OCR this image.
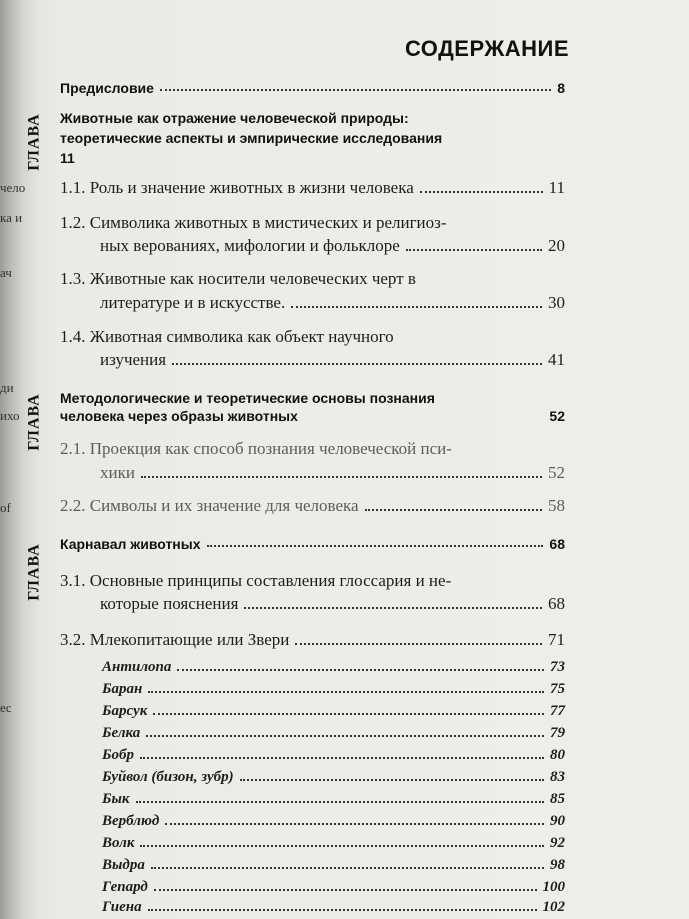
чело
ка и
ач
ди
ихо
of
ec
ГЛАВА
ГЛАВА
ГЛАВА
СОДЕРЖАНИЕ
Предисловие	8
Животные как отражение человеческой природы:
теоретические аспекты и эмпирические исследования
11
1.1. Роль и значение животных в жизни человека	11
1.2. Символика животных в мистических и религиоз-
ных верованиях, мифологии и фольклоре	20
1.3. Животные как носители человеческих черт в
литературе и в искусстве.	30
1.4. Животная символика как объект научного
изучения	41
Методологические и теоретические основы познания
человека через образы животных	52
2.1. Проекция как способ познания человеческой пси-
хики	52
2.2. Символы и их значение для человека	58
Карнавал животных	68
3.1. Основные принципы составления глоссария и не-
которые пояснения	68
3.2. Млекопитающие или Звери	71
Антилопа	73
Баран	75
Барсук	77
Белка	79
Бобр	80
Буйвол (бизон, зубр)	83
Бык	85
Верблюд	90
Волк	92
Выдра	98
Гепард	100
Гиена	102
